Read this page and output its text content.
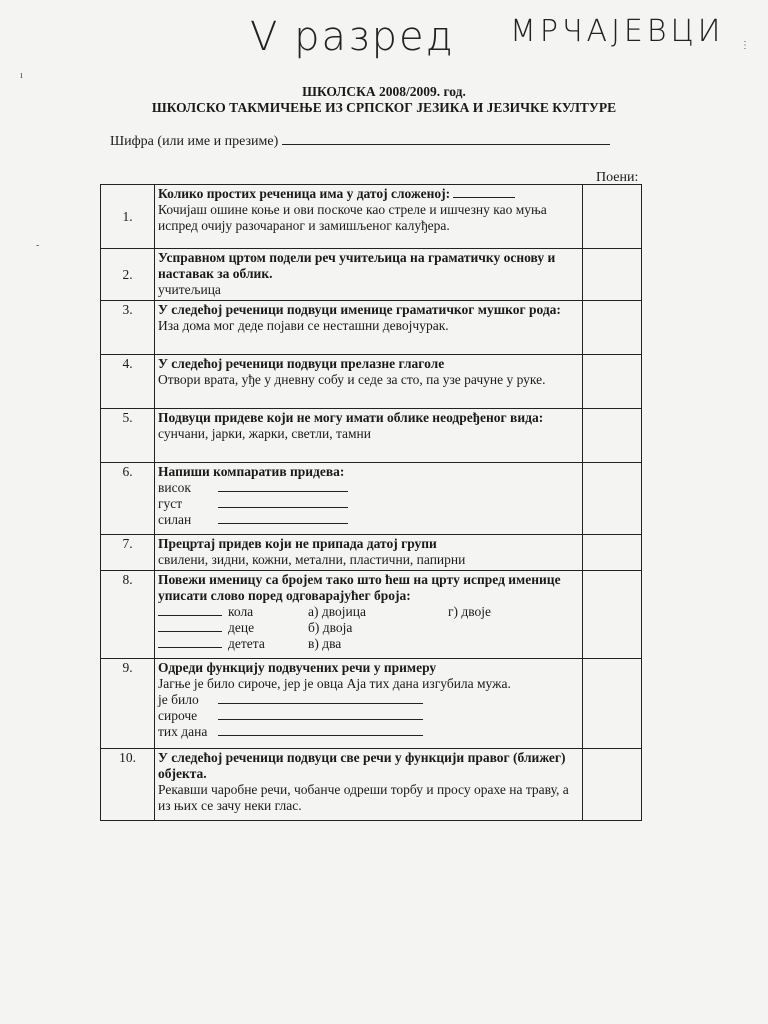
V разред МРЧАЈЕВЦИ
ШКОЛСКА 2008/2009. год.
ШКОЛСКО ТАКМИЧЕЊЕ ИЗ СРПСКОГ ЈЕЗИКА И ЈЕЗИЧКЕ КУЛТУРЕ
Шифра (или име и презиме)
Поени:
ı
-
⋮
1.	Колико простих реченица има у датој сложеној:
Кочијаш ошине коње и ови поскоче као стреле и ишчезну као муња испред очију разочараног и замишљеног калуђера.	
2.	Усправном цртом подели реч учитељица на граматичку основу и наставак за облик.
учитељица	

3.	У следећој реченици подвуци именице граматичког мушког рода:
Иза дома мог деде појави се несташни девојчурак.	

4.	У следећој реченици подвуци прелазне глаголе
Отвори врата, уђе у дневну собу и седе за сто, па узе рачуне у руке.	

5.	Подвуци придеве који не могу имати облике неодређеног вида:
сунчани, јарки, жарки, светли, тамни	

6.	Напиши компаратив придева:
висок
густ
силан	

7.	Прецртај придев који не припада датој групи
свилени, зидни, кожни, метални, пластични, папирни	

8.	Повежи именицу са бројем тако што ћеш на цртy испред именице уписати слово поред одговарајућег броја:
кола а) двојица г) двоје
деце б) двоја
детета в) два	

9.	Одреди функцију подвучених речи у примеру
Јагње је било сироче, јер је овца Аја тих дана изгубила мужа.
је било
сироче
тих дана	

10.	У следећој реченици подвуци све речи у функцији правог (ближег) објекта.
Рекавши чаробне речи, чобанче одреши торбу и просу орахе на траву, а из њих се зачу неки глас.	
